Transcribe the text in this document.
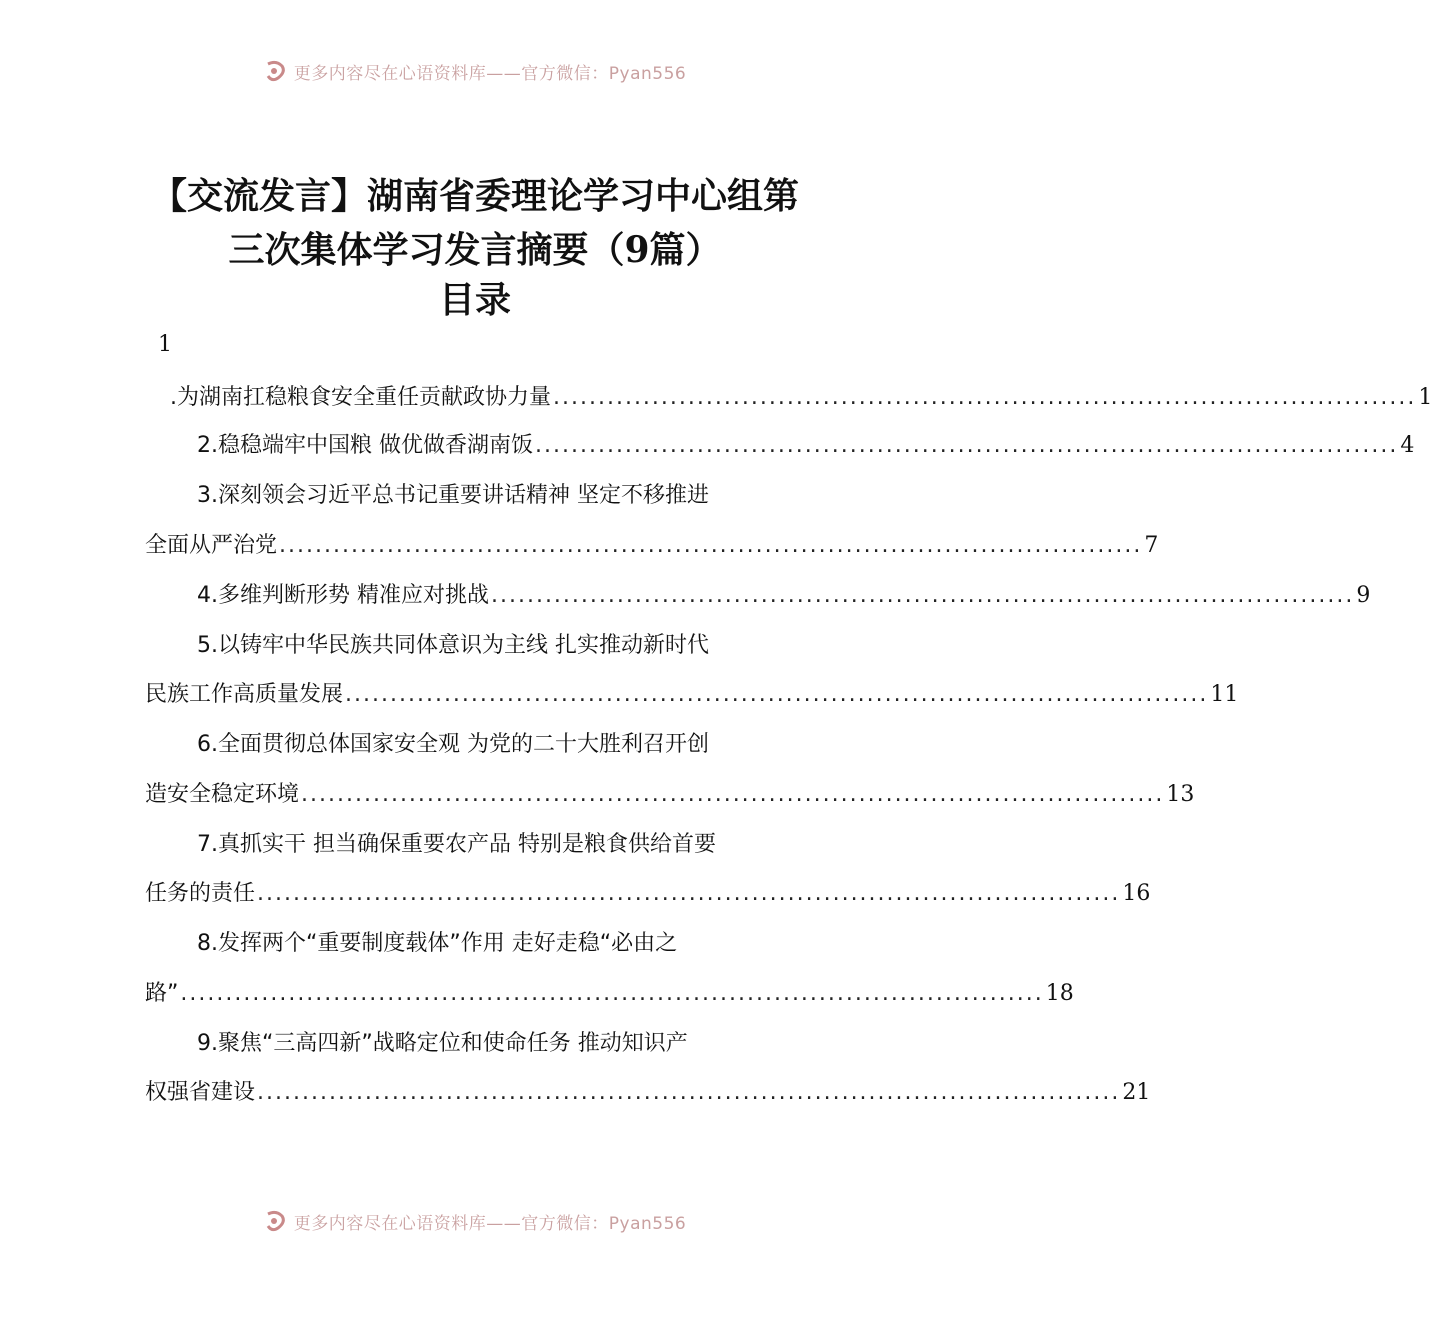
更多内容尽在心语资料库——官方微信：Pyan556
【交流发言】湖南省委理论学习中心组第
三次集体学习发言摘要（9篇）
目录
1
.为湖南扛稳粮食安全重任贡献政协力量 ................................................................................................ 1
2.稳稳端牢中国粮 做优做香湖南饭 ................................................................................................ 4
3.深刻领会习近平总书记重要讲话精神 坚定不移推进
全面从严治党 ................................................................................................ 7
4.多维判断形势 精准应对挑战 ................................................................................................ 9
5.以铸牢中华民族共同体意识为主线 扎实推动新时代
民族工作高质量发展 ................................................................................................ 11
6.全面贯彻总体国家安全观 为党的二十大胜利召开创
造安全稳定环境 ................................................................................................ 13
7.真抓实干 担当确保重要农产品 特别是粮食供给首要
任务的责任 ................................................................................................ 16
8.发挥两个“重要制度载体”作用 走好走稳“必由之
路” ................................................................................................ 18
9.聚焦“三高四新”战略定位和使命任务 推动知识产
权强省建设 ................................................................................................ 21
更多内容尽在心语资料库——官方微信：Pyan556
